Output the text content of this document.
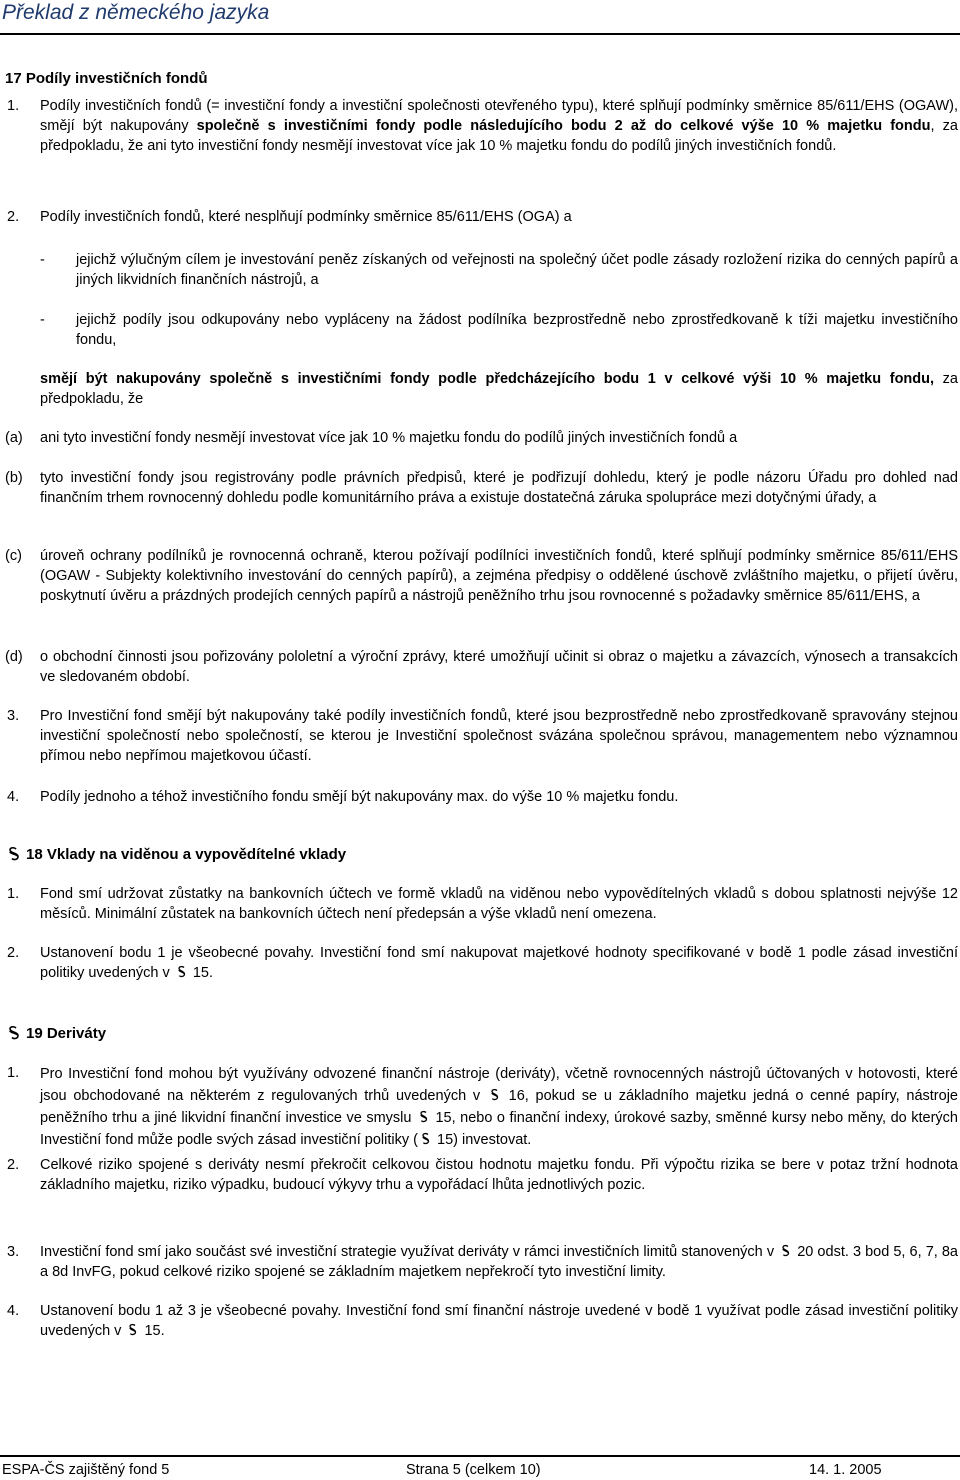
Překlad z německého jazyka
17 Podíly investičních fondů
1. Podíly investičních fondů (= investiční fondy a investiční společnosti otevřeného typu), které splňují podmínky směrnice 85/611/EHS (OGAW), smějí být nakupovány společně s investičními fondy podle následujícího bodu 2 až do celkové výše 10 % majetku fondu, za předpokladu, že ani tyto investiční fondy nesmějí investovat více jak 10 % majetku fondu do podílů jiných investičních fondů.
2. Podíly investičních fondů, které nesplňují podmínky směrnice 85/611/EHS (OGA) a
- jejichž výlučným cílem je investování peněz získaných od veřejnosti na společný účet podle zásady rozložení rizika do cenných papírů a jiných likvidních finančních nástrojů, a
- jejichž podíly jsou odkupovány nebo vypláceny na žádost podílníka bezprostředně nebo zprostředkovaně k tíži majetku investičního fondu,
smějí být nakupovány společně s investičními fondy podle předcházejícího bodu 1 v celkové výši 10 % majetku fondu, za předpokladu, že
(a) ani tyto investiční fondy nesmějí investovat více jak 10 % majetku fondu do podílů jiných investičních fondů a
(b) tyto investiční fondy jsou registrovány podle právních předpisů, které je podřizují dohledu, který je podle názoru Úřadu pro dohled nad finančním trhem rovnocenný dohledu podle komunitárního práva a existuje dostatečná záruka spolupráce mezi dotyčnými úřady, a
(c) úroveň ochrany podílníků je rovnocenná ochraně, kterou požívají podílníci investičních fondů, které splňují podmínky směrnice 85/611/EHS (OGAW - Subjekty kolektivního investování do cenných papírů), a zejména předpisy o oddělené úschově zvláštního majetku, o přijetí úvěru, poskytnutí úvěru a prázdných prodejích cenných papírů a nástrojů peněžního trhu jsou rovnocenné s požadavky směrnice 85/611/EHS, a
(d) o obchodní činnosti jsou pořizovány pololetní a výroční zprávy, které umožňují učinit si obraz o majetku a závazcích, výnosech a transakcích ve sledovaném období.
3. Pro Investiční fond smějí být nakupovány také podíly investičních fondů, které jsou bezprostředně nebo zprostředkovaně spravovány stejnou investiční společností nebo společností, se kterou je Investiční společnost svázána společnou správou, managementem nebo významnou přímou nebo nepřímou majetkovou účastí.
4. Podíly jednoho a téhož investičního fondu smějí být nakupovány max. do výše 10 % majetku fondu.
18 Vklady na viděnou a vypovědítelné vklady
1. Fond smí udržovat zůstatky na bankovních účtech ve formě vkladů na viděnou nebo vypovědítelných vkladů s dobou splatnosti nejvýše 12 měsíců. Minimální zůstatek na bankovních účtech není předepsán a výše vkladů není omezena.
2. Ustanovení bodu 1 je všeobecné povahy. Investiční fond smí nakupovat majetkové hodnoty specifikované v bodě 1 podle zásad investiční politiky uvedených v  15.
19 Deriváty
1. Pro Investiční fond mohou být využívány odvozené finanční nástroje (deriváty), včetně rovnocenných nástrojů účtovaných v hotovosti, které jsou obchodované na některém z regulovaných trhů uvedených v  16, pokud se u základního majetku jedná o cenné papíry, nástroje peněžního trhu a jiné likvidní finanční investice ve smyslu  15, nebo o finanční indexy, úrokové sazby, směnné kursy nebo měny, do kterých Investiční fond může podle svých zásad investiční politiky ( 15) investovat.
2. Celkové riziko spojené s deriváty nesmí překročit celkovou čistou hodnotu majetku fondu. Při výpočtu rizika se bere v potaz tržní hodnota základního majetku, riziko výpadku, budoucí výkyvy trhu a vypořádací lhůta jednotlivých pozic.
3. Investiční fond smí jako součást své investiční strategie využívat deriváty v rámci investičních limitů stanovených v  20 odst. 3 bod 5, 6, 7, 8a a 8d InvFG, pokud celkové riziko spojené se základním majetkem nepřekročí tyto investiční limity.
4. Ustanovení bodu 1 až 3 je všeobecné povahy. Investiční fond smí finanční nástroje uvedené v bodě 1 využívat podle zásad investiční politiky uvedených v  15.
ESPA-ČS zajištěný fond 5	Strana 5 (celkem 10)	14. 1. 2005
